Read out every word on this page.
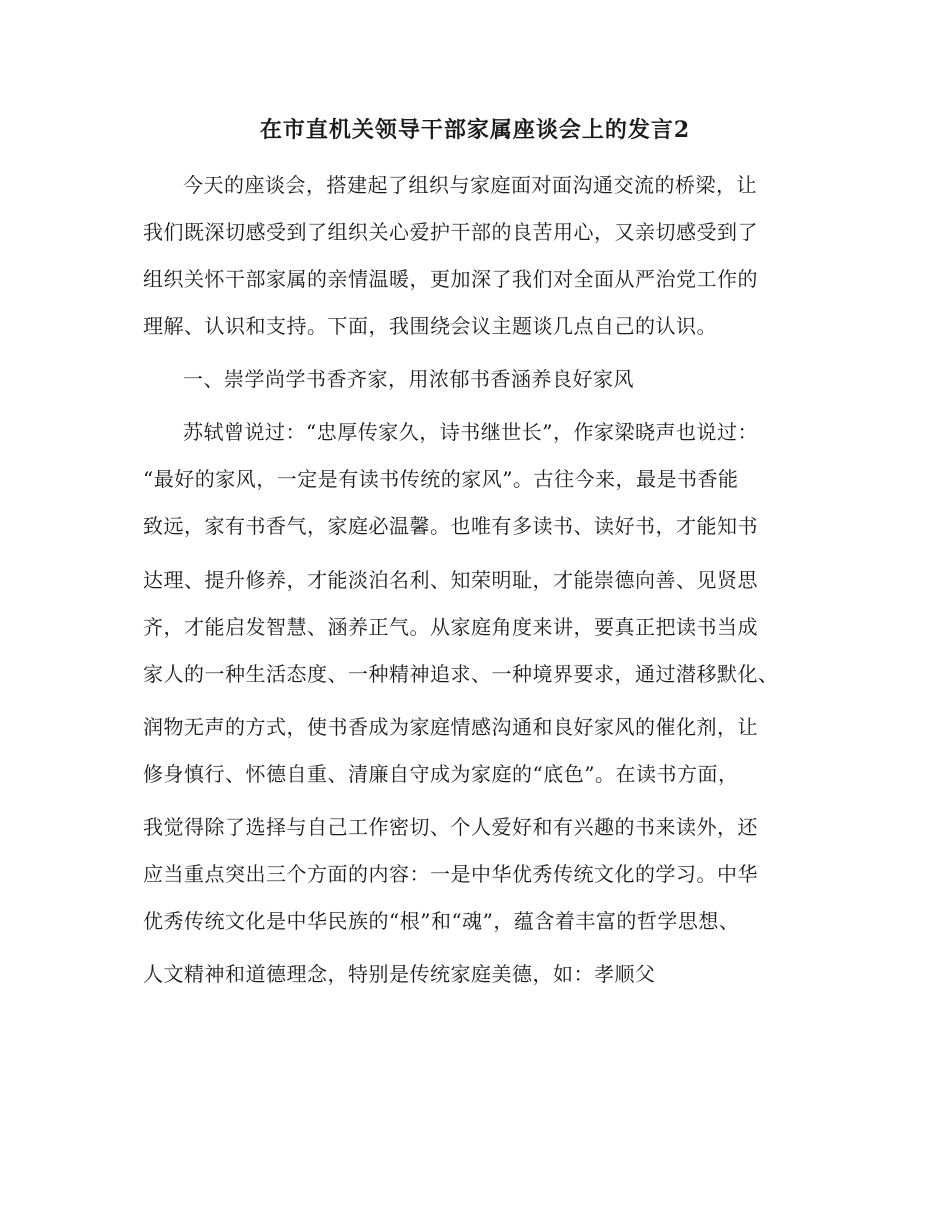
在市直机关领导干部家属座谈会上的发言2
今天的座谈会，搭建起了组织与家庭面对面沟通交流的桥梁，让
我们既深切感受到了组织关心爱护干部的良苦用心，又亲切感受到了
组织关怀干部家属的亲情温暖，更加深了我们对全面从严治党工作的
理解、认识和支持。下面，我围绕会议主题谈几点自己的认识。
一、崇学尚学书香齐家，用浓郁书香涵养良好家风
苏轼曾说过：“忠厚传家久，诗书继世长”，作家梁晓声也说过：
“最好的家风，一定是有读书传统的家风”。古往今来，最是书香能
致远，家有书香气，家庭必温馨。也唯有多读书、读好书，才能知书
达理、提升修养，才能淡泊名利、知荣明耻，才能崇德向善、见贤思
齐，才能启发智慧、涵养正气。从家庭角度来讲，要真正把读书当成
家人的一种生活态度、一种精神追求、一种境界要求，通过潜移默化、
润物无声的方式，使书香成为家庭情感沟通和良好家风的催化剂，让
修身慎行、怀德自重、清廉自守成为家庭的“底色”。在读书方面，
我觉得除了选择与自己工作密切、个人爱好和有兴趣的书来读外，还
应当重点突出三个方面的内容：一是中华优秀传统文化的学习。中华
优秀传统文化是中华民族的“根”和“魂”，蕴含着丰富的哲学思想、
人文精神和道德理念，特别是传统家庭美德，如：孝顺父
